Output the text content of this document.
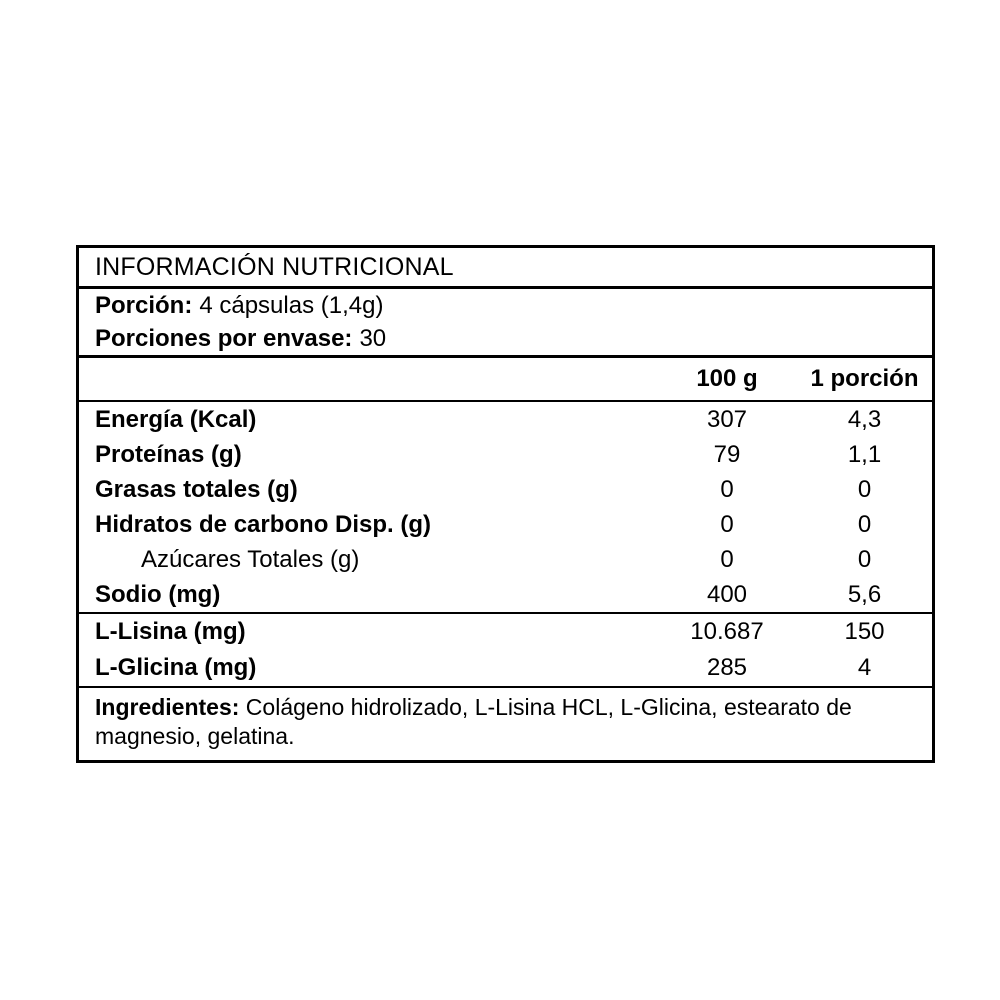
INFORMACIÓN NUTRICIONAL
Porción: 4 cápsulas (1,4g)
Porciones por envase: 30
100 g	1 porción
Energía (Kcal)	307	4,3
Proteínas (g)	79	1,1
Grasas totales (g)	0	0
Hidratos de carbono Disp. (g)	0	0
Azúcares Totales (g)	0	0
Sodio (mg)	400	5,6
L-Lisina (mg)	10.687	150
L-Glicina (mg)	285	4
Ingredientes: Colágeno hidrolizado, L-Lisina HCL, L-Glicina, estearato de magnesio, gelatina.
